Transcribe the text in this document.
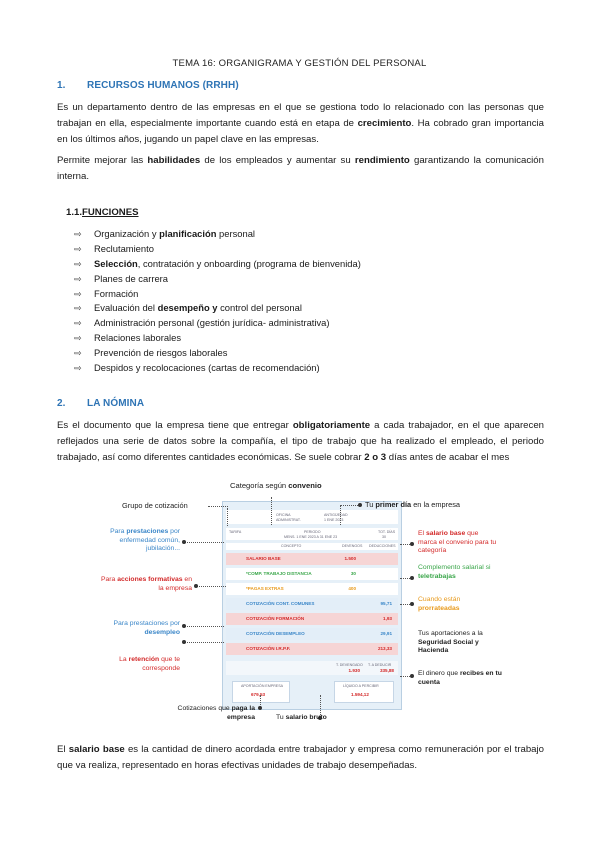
TEMA 16: ORGANIGRAMA Y GESTIÓN DEL PERSONAL
1. RECURSOS HUMANOS (RRHH)
Es un departamento dentro de las empresas en el que se gestiona todo lo relacionado con las personas que trabajan en ella, especialmente importante cuando está en etapa de crecimiento. Ha cobrado gran importancia en los últimos años, jugando un papel clave en las empresas.
Permite mejorar las habilidades de los empleados y aumentar su rendimiento garantizando la comunicación interna.
1.1.FUNCIONES
⇨ Organización y planificación personal
⇨ Reclutamiento
⇨ Selección, contratación y onboarding (programa de bienvenida)
⇨ Planes de carrera
⇨ Formación
⇨ Evaluación del desempeño y control del personal
⇨ Administración personal (gestión jurídica- administrativa)
⇨ Relaciones laborales
⇨ Prevención de riesgos laborales
⇨ Despidos y recolocaciones (cartas de recomendación)
2. LA NÓMINA
Es el documento que la empresa tiene que entregar obligatoriamente a cada trabajador, en el que aparecen reflejados una serie de datos sobre la compañía, el tipo de trabajo que ha realizado el empleado, el periodo trabajado, así como diferentes cantidades económicas. Se suele cobrar 2 o 3 días antes de acabar el mes
OFICINA
ADMINISTRAT.
ANTIGÜEDAD
1 ENE 2023
TARIFA	PERIODO
MENS. 1 ENE 2023 A 31 ENE 23
TOT. DÍAS
30
CONCEPTO	DEVENGOS DEDUCCIONES
SALARIO BASE	1.500
*COMP. TRABAJO DISTANCIA	30
*PAGAS EXTRAS	400
COTIZACIÓN CONT. COMUNES	95,71
COTIZACIÓN FORMACIÓN	1,93
COTIZACIÓN DESEMPLEO	29,91
COTIZACIÓN I.R.P.F.	213,33
T. DEVENGADO T. A DEDUCIR
1.930	335,88
APORTACIÓN EMPRESA
679,53
LÍQUIDO A PERCIBIR
1.594,12
Categoría según convenio
Grupo de cotización	Tu primer día en la empresa
Para prestaciones por enfermedad común, jubilación...
Para acciones formativas en la empresa
Para prestaciones por desempleo
La retención que te corresponde
El salario base que marca el convenio para tu categoría
Complemento salarial si teletrabajas
Cuando están prorrateadas
Tus aportaciones a la Seguridad Social y Hacienda
El dinero que recibes en tu cuenta
Cotizaciones que paga la empresa	Tu salario bruto
El salario base es la cantidad de dinero acordada entre trabajador y empresa como remuneración por el trabajo que va realiza, representado en horas efectivas unidades de trabajo desempeñadas.
